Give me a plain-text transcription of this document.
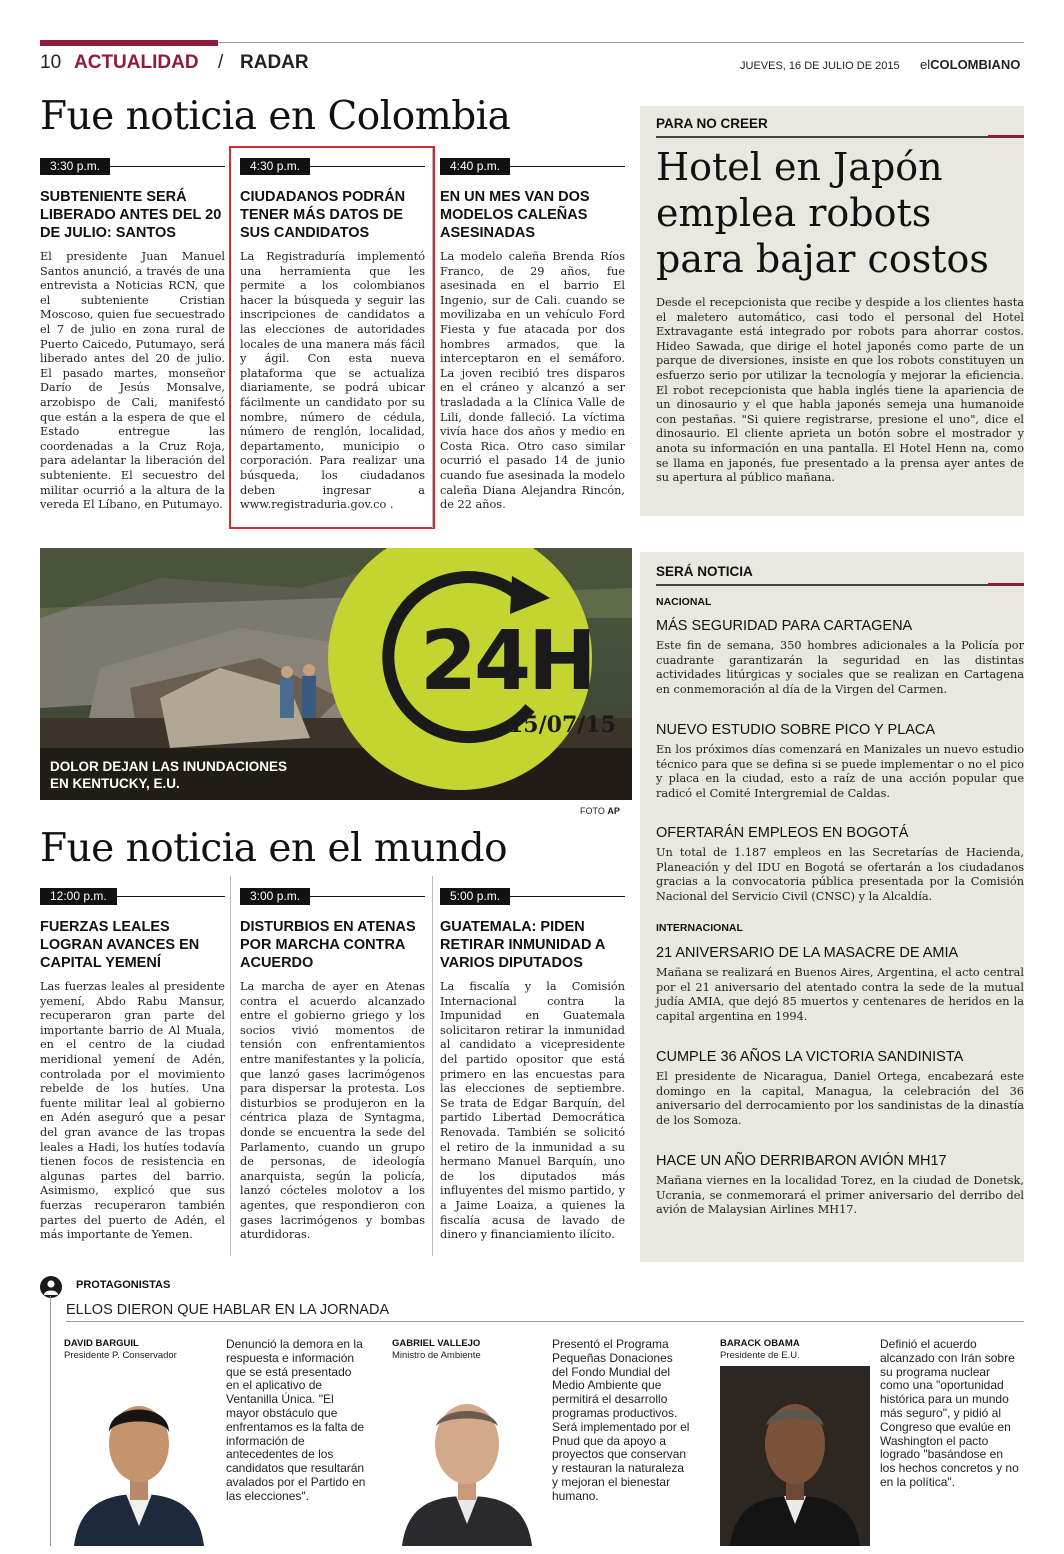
10 ACTUALIDAD / RADAR	JUEVES, 16 DE JULIO DE 2015 elCOLOMBIANO
Fue noticia en Colombia
3:30 p.m.
SUBTENIENTE SERÁ LIBERADO ANTES DEL 20 DE JULIO: SANTOS

El presidente Juan Manuel Santos anunció, a través de una entrevista a Noticias RCN, que el subteniente Cristian Moscoso, quien fue secuestrado el 7 de julio en zona rural de Puerto Caicedo, Putumayo, será liberado antes del 20 de julio. El pasado martes, monseñor Darío de Jesús Monsalve, arzobispo de Cali, manifestó que están a la espera de que el Estado entregue las coordenadas a la Cruz Roja, para adelantar la liberación del subteniente. El secuestro del militar ocurrió a la altura de la vereda El Líbano, en Putumayo.

4:30 p.m.
CIUDADANOS PODRÁN TENER MÁS DATOS DE SUS CANDIDATOS

La Registraduría implementó una herramienta que les permite a los colombianos hacer la búsqueda y seguir las inscripciones de candidatos a las elecciones de autoridades locales de una manera más fácil y ágil. Con esta nueva plataforma que se actualiza diariamente, se podrá ubicar fácilmente un candidato por su nombre, número de cédula, número de renglón, localidad, departamento, municipio o corporación. Para realizar una búsqueda, los ciudadanos deben ingresar a www.registraduria.gov.co .

4:40 p.m.
EN UN MES VAN DOS MODELOS CALEÑAS ASESINADAS

La modelo caleña Brenda Ríos Franco, de 29 años, fue asesinada en el barrio El Ingenio, sur de Cali. cuando se movilizaba en un vehículo Ford Fiesta y fue atacada por dos hombres armados, que la interceptaron en el semáforo. La joven recibió tres disparos en el cráneo y alcanzó a ser trasladada a la Clínica Valle de Lili, donde falleció. La víctima vivía hace dos años y medio en Costa Rica. Otro caso similar ocurrió el pasado 14 de junio cuando fue asesinada la modelo caleña Diana Alejandra Rincón, de 22 años.

PARA NO CREER
Hotel en Japón emplea robots para bajar costos

Desde el recepcionista que recibe y despide a los clientes hasta el maletero automático, casi todo el personal del Hotel Extravagante está integrado por robots para ahorrar costos. Hideo Sawada, que dirige el hotel japonés como parte de un parque de diversiones, insiste en que los robots constituyen un esfuerzo serio por utilizar la tecnología y mejorar la eficiencia. El robot recepcionista que habla inglés tiene la apariencia de un dinosaurio y el que habla japonés semeja una humanoide con pestañas. "Si quiere registrarse, presione el uno", dice el dinosaurio. El cliente aprieta un botón sobre el mostrador y anota su información en una pantalla. El Hotel Henn na, como se llama en japonés, fue presentado a la prensa ayer antes de su apertura al público mañana.

24H
15/07/15
DOLOR DEJAN LAS INUNDACIONES
EN KENTUCKY, E.U.
FOTO AP
SERÁ NOTICIA
NACIONAL
MÁS SEGURIDAD PARA CARTAGENA

Este fin de semana, 350 hombres adicionales a la Policía por cuadrante garantizarán la seguridad en las distintas actividades litúrgicas y sociales que se realizan en Cartagena en conmemoración al día de la Virgen del Carmen.

NUEVO ESTUDIO SOBRE PICO Y PLACA

En los próximos días comenzará en Manizales un nuevo estudio técnico para que se defina si se puede implementar o no el pico y placa en la ciudad, esto a raíz de una acción popular que radicó el Comité Intergremial de Caldas.

OFERTARÁN EMPLEOS EN BOGOTÁ

Un total de 1.187 empleos en las Secretarías de Hacienda, Planeación y del IDU en Bogotá se ofertarán a los ciudadanos gracias a la convocatoria pública presentada por la Comisión Nacional del Servicio Civil (CNSC) y la Alcaldía.

INTERNACIONAL
21 ANIVERSARIO DE LA MASACRE DE AMIA

Mañana se realizará en Buenos Aires, Argentina, el acto central por el 21 aniversario del atentado contra la sede de la mutual judía AMIA, que dejó 85 muertos y centenares de heridos en la capital argentina en 1994.

CUMPLE 36 AÑOS LA VICTORIA SANDINISTA

El presidente de Nicaragua, Daniel Ortega, encabezará este domingo en la capital, Managua, la celebración del 36 aniversario del derrocamiento por los sandinistas de la dinastía de los Somoza.

HACE UN AÑO DERRIBARON AVIÓN MH17

Mañana viernes en la localidad Torez, en la ciudad de Donetsk, Ucrania, se conmemorará el primer aniversario del derribo del avión de Malaysian Airlines MH17.

Fue noticia en el mundo
12:00 p.m.
FUERZAS LEALES LOGRAN AVANCES EN CAPITAL YEMENÍ

Las fuerzas leales al presidente yemení, Abdo Rabu Mansur, recuperaron gran parte del importante barrio de Al Muala, en el centro de la ciudad meridional yemení de Adén, controlada por el movimiento rebelde de los hutíes. Una fuente militar leal al gobierno en Adén aseguró que a pesar del gran avance de las tropas leales a Hadi, los hutíes todavía tienen focos de resistencia en algunas partes del barrio. Asimismo, explicó que sus fuerzas recuperaron también partes del puerto de Adén, el más importante de Yemen.

3:00 p.m.
DISTURBIOS EN ATENAS POR MARCHA CONTRA ACUERDO

La marcha de ayer en Atenas contra el acuerdo alcanzado entre el gobierno griego y los socios vivió momentos de tensión con enfrentamientos entre manifestantes y la policía, que lanzó gases lacrimógenos para dispersar la protesta. Los disturbios se produjeron en la céntrica plaza de Syntagma, donde se encuentra la sede del Parlamento, cuando un grupo de personas, de ideología anarquista, según la policía, lanzó cócteles molotov a los agentes, que respondieron con gases lacrimógenos y bombas aturdidoras.

5:00 p.m.
GUATEMALA: PIDEN RETIRAR INMUNIDAD A VARIOS DIPUTADOS

La fiscalía y la Comisión Internacional contra la Impunidad en Guatemala solicitaron retirar la inmunidad al candidato a vicepresidente del partido opositor que está primero en las encuestas para las elecciones de septiembre. Se trata de Edgar Barquín, del partido Libertad Democrática Renovada. También se solicitó el retiro de la inmunidad a su hermano Manuel Barquín, uno de los diputados más influyentes del mismo partido, y a Jaime Loaiza, a quienes la fiscalía acusa de lavado de dinero y financiamiento ilícito.

PROTAGONISTAS
ELLOS DIERON QUE HABLAR EN LA JORNADA
DAVID BARGUIL
Presidente P. Conservador

Denunció la demora en la respuesta e información que se está presentado en el aplicativo de Ventanilla Única. "El mayor obstáculo que enfrentamos es la falta de información de antecedentes de los candidatos que resultarán avalados por el Partido en las elecciones".

GABRIEL VALLEJO
Ministro de Ambiente

Presentó el Programa Pequeñas Donaciones del Fondo Mundial del Medio Ambiente que permitirá el desarrollo programas productivos. Será implementado por el Pnud que da apoyo a proyectos que conservan y restauran la naturaleza y mejoran el bienestar humano.

BARACK OBAMA
Presidente de E.U.

Definió el acuerdo alcanzado con Irán sobre su programa nuclear como una "oportunidad histórica para un mundo más seguro", y pidió al Congreso que evalúe en Washington el pacto logrado "basándose en los hechos concretos y no en la política".
